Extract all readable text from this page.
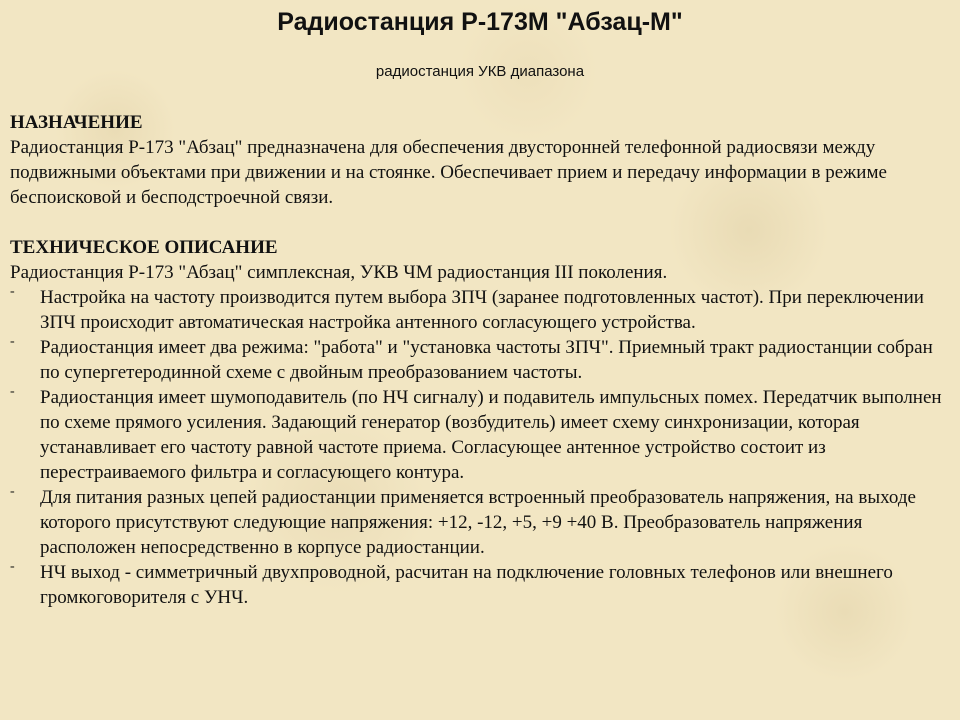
Радиостанция Р-173М "Абзац-М"
радиостанция УКВ диапазона

НАЗНАЧЕНИЕ

Радиостанция Р-173 "Абзац" предназначена для обеспечения двусторонней телефонной радиосвязи между подвижными объектами при движении и на стоянке. Обеспечивает прием и передачу информации в режиме беспоисковой и бесподстроечной связи.

ТЕХНИЧЕСКОЕ ОПИСАНИЕ

Радиостанция Р-173 "Абзац" симплексная, УКВ ЧМ радиостанция III поколения.

- Настройка на частоту производится путем выбора ЗПЧ (заранее подготовленных частот). При переключении ЗПЧ происходит автоматическая настройка антенного согласующего устройства.
- Радиостанция имеет два режима: "работа" и "установка частоты ЗПЧ". Приемный тракт радиостанции собран по супергетеродинной схеме с двойным преобразованием частоты.
- Радиостанция имеет шумоподавитель (по НЧ сигналу) и подавитель импульсных помех. Передатчик выполнен по схеме прямого усиления. Задающий генератор (возбудитель) имеет схему синхронизации, которая устанавливает его частоту равной частоте приема. Согласующее антенное устройство состоит из перестраиваемого фильтра и согласующего контура.
- Для питания разных цепей радиостанции применяется встроенный преобразователь напряжения, на выходе которого присутствуют следующие напряжения: +12, -12, +5, +9 +40 В. Преобразователь напряжения расположен непосредственно в корпусе радиостанции.
- НЧ выход - симметричный двухпроводной, расчитан на подключение головных телефонов или внешнего громкоговорителя с УНЧ.
